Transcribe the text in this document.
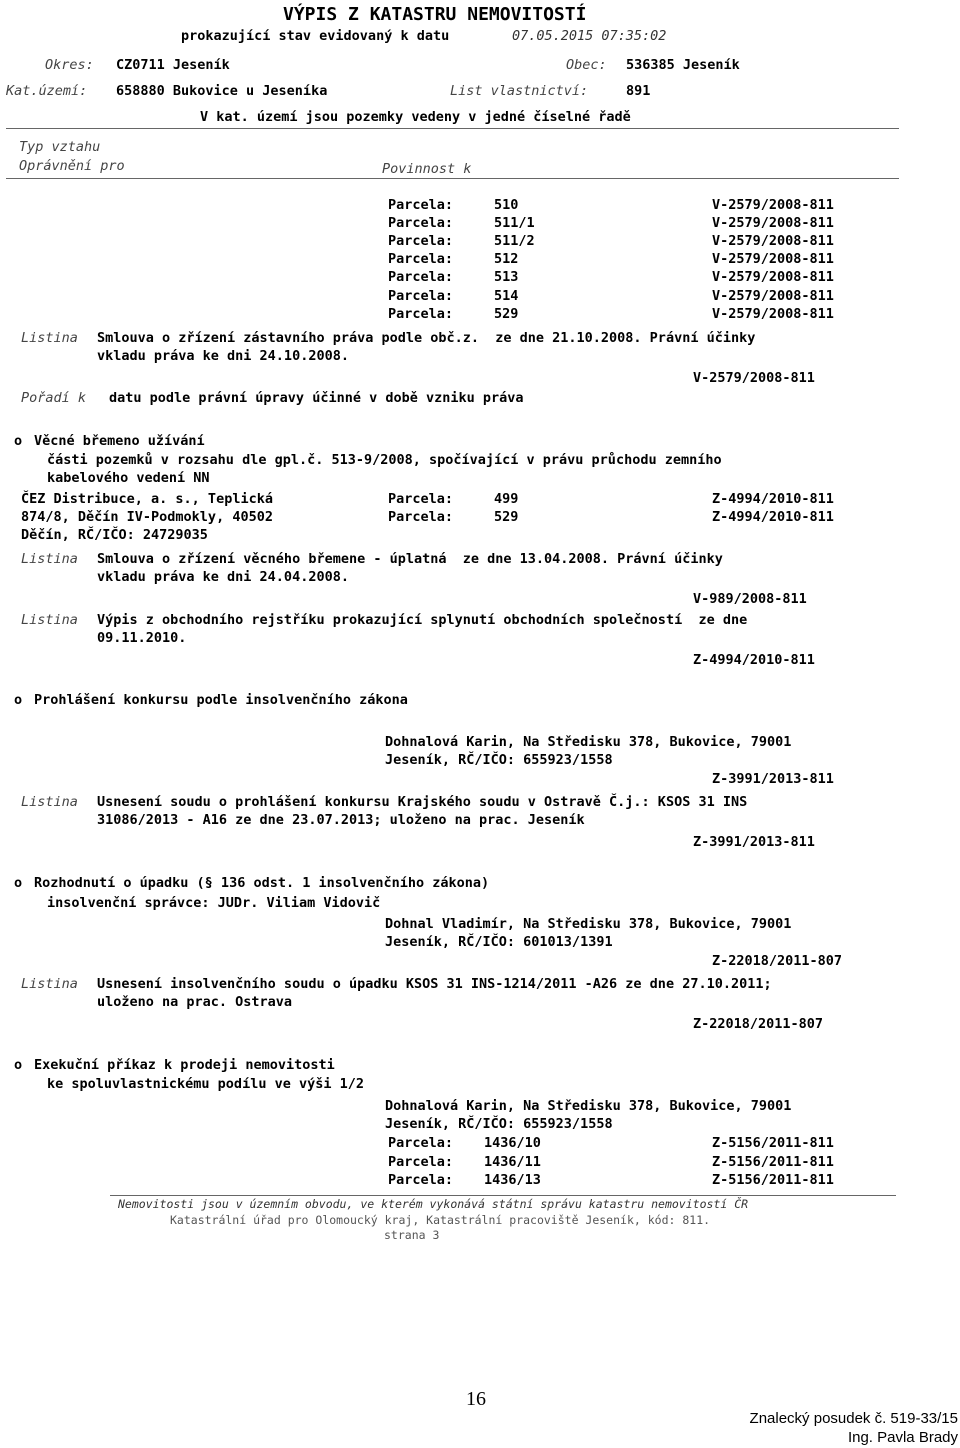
VÝPIS Z KATASTRU NEMOVITOSTÍ
prokazující stav evidovaný k datu	07.05.2015 07:35:02
Okres: CZ0711 Jeseník	Obec: 536385 Jeseník
Kat.území: 658880 Bukovice u Jeseníka	List vlastnictví:	891
V kat. území jsou pozemky vedeny v jedné číselné řadě
Typ vztahu
Oprávnění pro	Povinnost k
Parcela:	510	V-2579/2008-811
Parcela:	511/1	V-2579/2008-811
Parcela:	511/2	V-2579/2008-811
Parcela:	512	V-2579/2008-811
Parcela:	513	V-2579/2008-811
Parcela:	514	V-2579/2008-811
Parcela:	529	V-2579/2008-811
Listina Smlouva o zřízení zástavního práva podle obč.z.  ze dne 21.10.2008. Právní účinky
vkladu práva ke dni 24.10.2008.
V-2579/2008-811
Pořadí k datu podle právní úpravy účinné v době vzniku práva
o Věcné břemeno užívání
části pozemků v rozsahu dle gpl.č. 513-9/2008, spočívající v právu průchodu zemního
kabelového vedení NN
ČEZ Distribuce, a. s., Teplická
874/8, Děčín IV-Podmokly, 40502
Děčín, RČ/IČO: 24729035
Parcela:	499	Z-4994/2010-811
Parcela:	529	Z-4994/2010-811
Listina Smlouva o zřízení věcného břemene - úplatná  ze dne 13.04.2008. Právní účinky
vkladu práva ke dni 24.04.2008.
V-989/2008-811
Listina Výpis z obchodního rejstříku prokazující splynutí obchodních společností  ze dne
09.11.2010.
Z-4994/2010-811
o Prohlášení konkursu podle insolvenčního zákona
Dohnalová Karin, Na Středisku 378, Bukovice, 79001
Jeseník, RČ/IČO: 655923/1558
Z-3991/2013-811
Listina Usnesení soudu o prohlášení konkursu Krajského soudu v Ostravě Č.j.: KSOS 31 INS
31086/2013 - A16 ze dne 23.07.2013; uloženo na prac. Jeseník
Z-3991/2013-811
o Rozhodnutí o úpadku (§ 136 odst. 1 insolvenčního zákona)
insolvenční správce: JUDr. Viliam Vidovič
Dohnal Vladimír, Na Středisku 378, Bukovice, 79001
Jeseník, RČ/IČO: 601013/1391
Z-22018/2011-807
Listina Usnesení insolvenčního soudu o úpadku KSOS 31 INS-1214/2011 -A26 ze dne 27.10.2011;
uloženo na prac. Ostrava
Z-22018/2011-807
o Exekuční příkaz k prodeji nemovitosti
ke spoluvlastnickému podílu ve výši 1/2
Dohnalová Karin, Na Středisku 378, Bukovice, 79001
Jeseník, RČ/IČO: 655923/1558
Parcela: 1436/10	Z-5156/2011-811
Parcela: 1436/11	Z-5156/2011-811
Parcela: 1436/13	Z-5156/2011-811
Nemovitosti jsou v územním obvodu, ve kterém vykonává státní správu katastru nemovitostí ČR
Katastrální úřad pro Olomoucký kraj, Katastrální pracoviště Jeseník, kód: 811.
strana 3
16
Znalecký posudek č. 519-33/15
Ing. Pavla Brady
